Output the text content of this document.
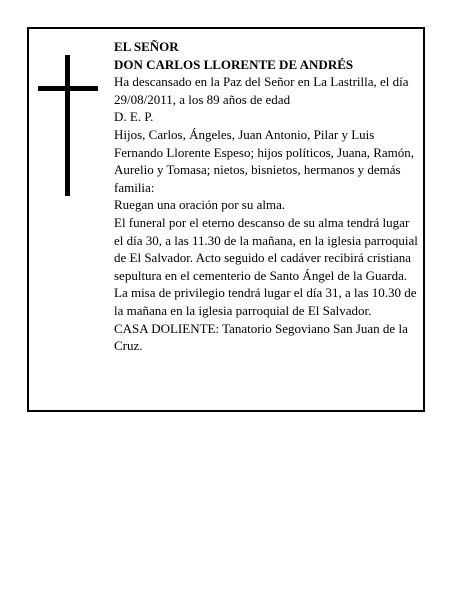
EL SEÑOR
DON CARLOS LLORENTE DE ANDRÉS
Ha descansado en la Paz del Señor en La Lastrilla, el día 29/08/2011, a los 89 años de edad
D. E. P.
Hijos, Carlos, Ángeles, Juan Antonio, Pilar y Luis Fernando Llorente Espeso; hijos políticos, Juana, Ramón, Aurelio y Tomasa; nietos, bisnietos, hermanos y demás familia:
Ruegan una oración por su alma.
El funeral por el eterno descanso de su alma tendrá lugar el día 30, a las 11.30 de la mañana, en la iglesia parroquial de El Salvador. Acto seguido el cadáver recibirá cristiana sepultura en el cementerio de Santo Ángel de la Guarda.
La misa de privilegio tendrá lugar el día 31, a las 10.30 de la mañana en la iglesia parroquial de El Salvador.
CASA DOLIENTE: Tanatorio Segoviano San Juan de la Cruz.
